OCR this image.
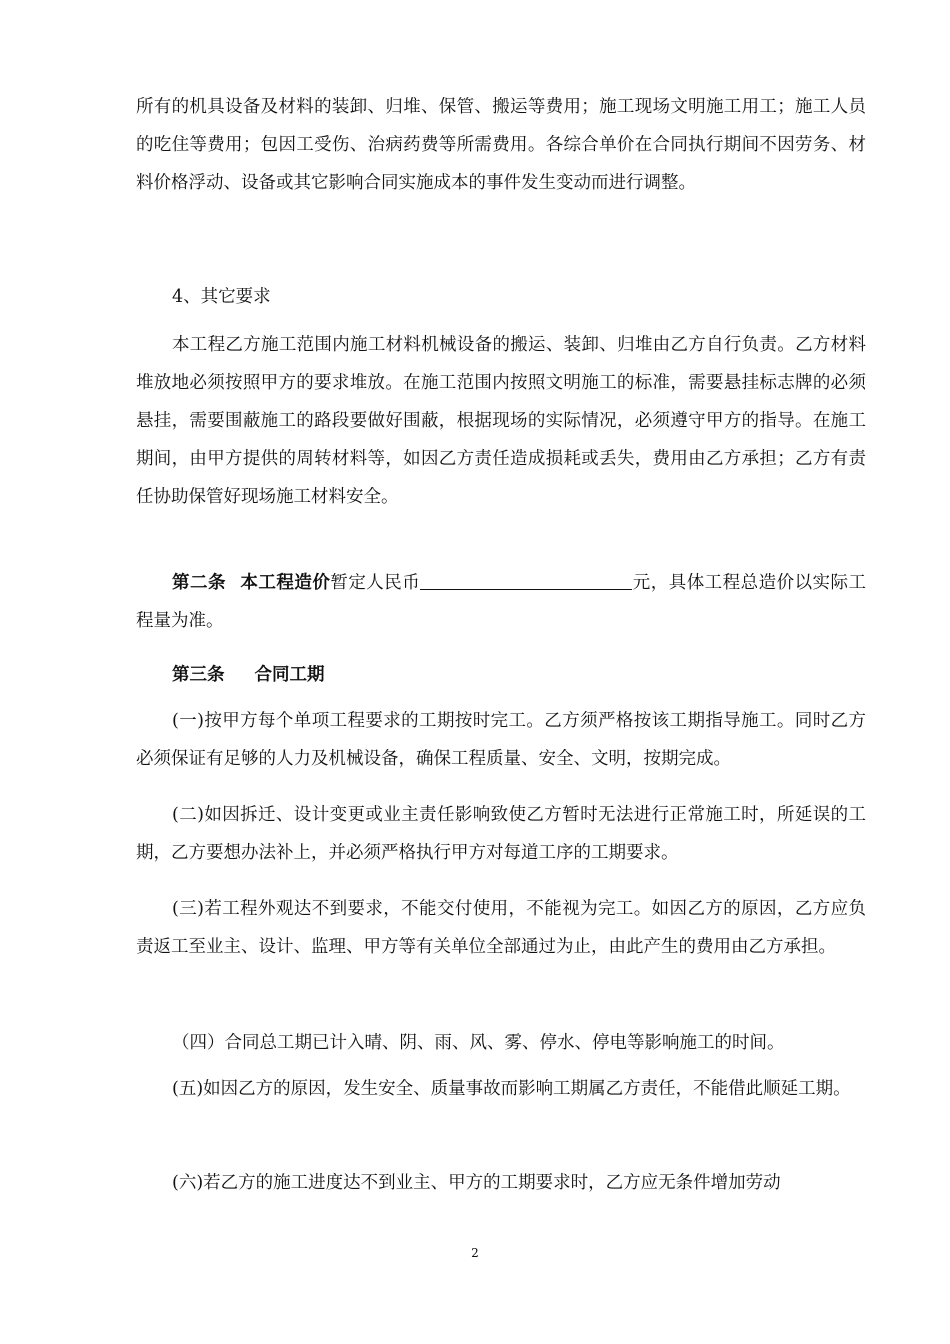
所有的机具设备及材料的装卸、归堆、保管、搬运等费用；施工现场文明施工用工；施工人员的吃住等费用；包因工受伤、治病药费等所需费用。各综合单价在合同执行期间不因劳务、材料价格浮动、设备或其它影响合同实施成本的事件发生变动而进行调整。

4、其它要求

本工程乙方施工范围内施工材料机械设备的搬运、装卸、归堆由乙方自行负责。乙方材料堆放地必须按照甲方的要求堆放。在施工范围内按照文明施工的标准，需要悬挂标志牌的必须悬挂，需要围蔽施工的路段要做好围蔽，根据现场的实际情况，必须遵守甲方的指导。在施工期间，由甲方提供的周转材料等，如因乙方责任造成损耗或丢失，费用由乙方承担；乙方有责任协助保管好现场施工材料安全。

第二条 本工程造价暂定人民币	元，具体工程总造价以实际工程量为准。

第三条 合同工期

(一)按甲方每个单项工程要求的工期按时完工。乙方须严格按该工期指导施工。同时乙方必须保证有足够的人力及机械设备，确保工程质量、安全、文明，按期完成。

(二)如因拆迁、设计变更或业主责任影响致使乙方暂时无法进行正常施工时，所延误的工期，乙方要想办法补上，并必须严格执行甲方对每道工序的工期要求。

(三)若工程外观达不到要求，不能交付使用，不能视为完工。如因乙方的原因，乙方应负责返工至业主、设计、监理、甲方等有关单位全部通过为止，由此产生的费用由乙方承担。

（四）合同总工期已计入晴、阴、雨、风、雾、停水、停电等影响施工的时间。

(五)如因乙方的原因，发生安全、质量事故而影响工期属乙方责任，不能借此顺延工期。

(六)若乙方的施工进度达不到业主、甲方的工期要求时，乙方应无条件增加劳动

2
